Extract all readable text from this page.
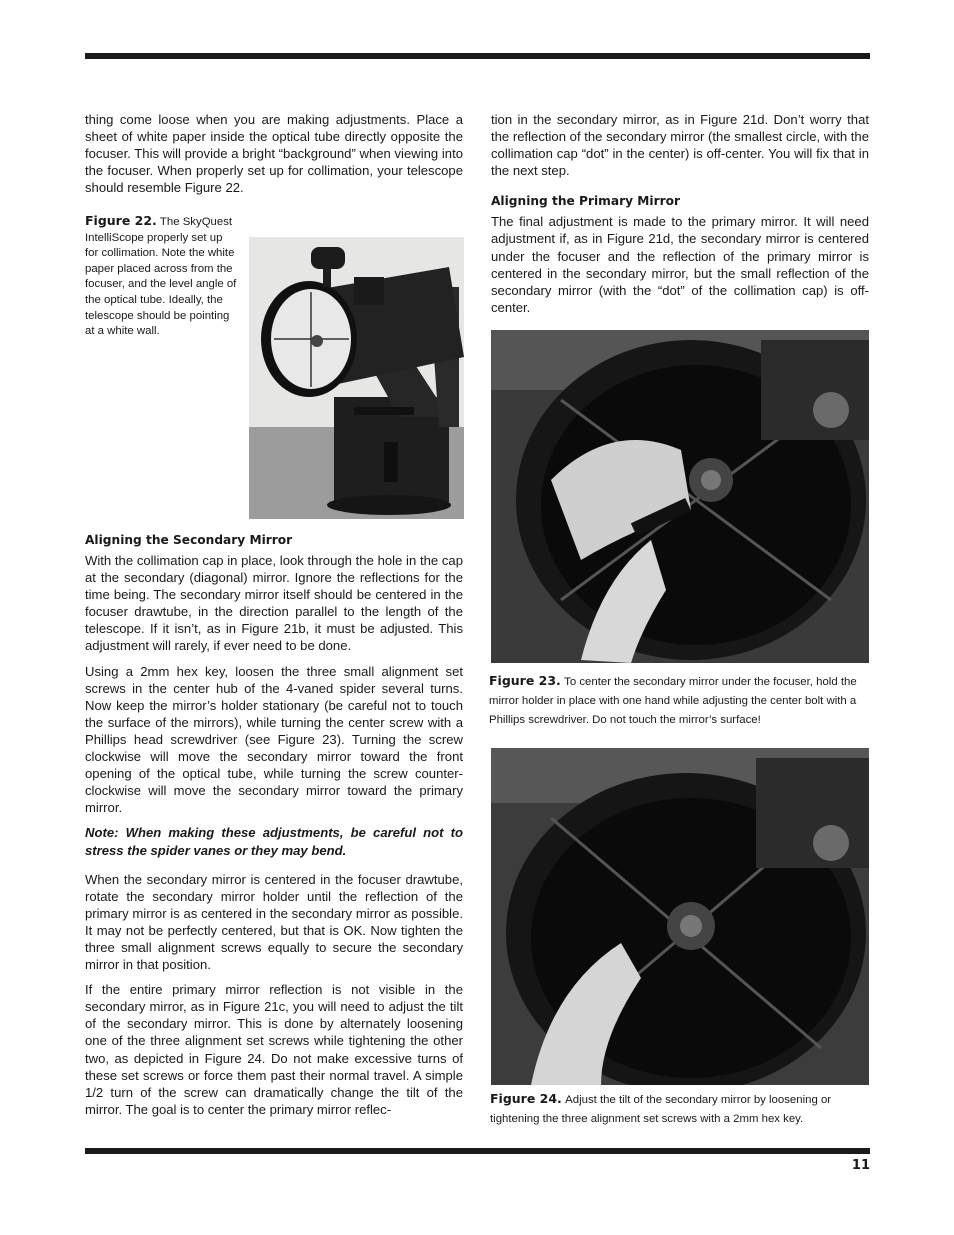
thing come loose when you are making adjustments. Place a sheet of white paper inside the optical tube directly opposite the focuser. This will provide a bright “background” when viewing into the focuser. When properly set up for collimation, your telescope should resemble Figure 22.

Figure 22. The SkyQuest IntelliScope properly set up for collimation. Note the white paper placed across from the focuser, and the level angle of the optical tube. Ideally, the telescope should be pointing at a white wall.
Aligning the Secondary Mirror

With the collimation cap in place, look through the hole in the cap at the secondary (diagonal) mirror. Ignore the reflections for the time being. The secondary mirror itself should be centered in the focuser drawtube, in the direction parallel to the length of the telescope. If it isn’t, as in Figure 21b, it must be adjusted. This adjustment will rarely, if ever need to be done.

Using a 2mm hex key, loosen the three small alignment set screws in the center hub of the 4-vaned spider several turns. Now keep the mirror’s holder stationary (be careful not to touch the surface of the mirrors), while turning the center screw with a Phillips head screwdriver (see Figure 23). Turning the screw clockwise will move the secondary mirror toward the front opening of the optical tube, while turning the screw counter-clockwise will move the secondary mirror toward the primary mirror.

Note: When making these adjustments, be careful not to stress the spider vanes or they may bend.

When the secondary mirror is centered in the focuser drawtube, rotate the secondary mirror holder until the reflection of the primary mirror is as centered in the secondary mirror as possible. It may not be perfectly centered, but that is OK. Now tighten the three small alignment screws equally to secure the secondary mirror in that position.

If the entire primary mirror reflection is not visible in the secondary mirror, as in Figure 21c, you will need to adjust the tilt of the secondary mirror. This is done by alternately loosening one of the three alignment set screws while tightening the other two, as depicted in Figure 24. Do not make excessive turns of these set screws or force them past their normal travel. A simple 1/2 turn of the screw can dramatically change the tilt of the mirror. The goal is to center the primary mirror reflec-

tion in the secondary mirror, as in Figure 21d. Don’t worry that the reflection of the secondary mirror (the smallest circle, with the collimation cap “dot” in the center) is off-center. You will fix that in the next step.

Aligning the Primary Mirror

The final adjustment is made to the primary mirror. It will need adjustment if, as in Figure 21d, the secondary mirror is centered under the focuser and the reflection of the primary mirror is centered in the secondary mirror, but the small reflection of the secondary mirror (with the “dot” of the collimation cap) is off-center.

Figure 23. To center the secondary mirror under the focuser, hold the mirror holder in place with one hand while adjusting the center bolt with a Phillips screwdriver. Do not touch the mirror’s surface!
Figure 24. Adjust the tilt of the secondary mirror by loosening or tightening the three alignment set screws with a 2mm hex key.
11
